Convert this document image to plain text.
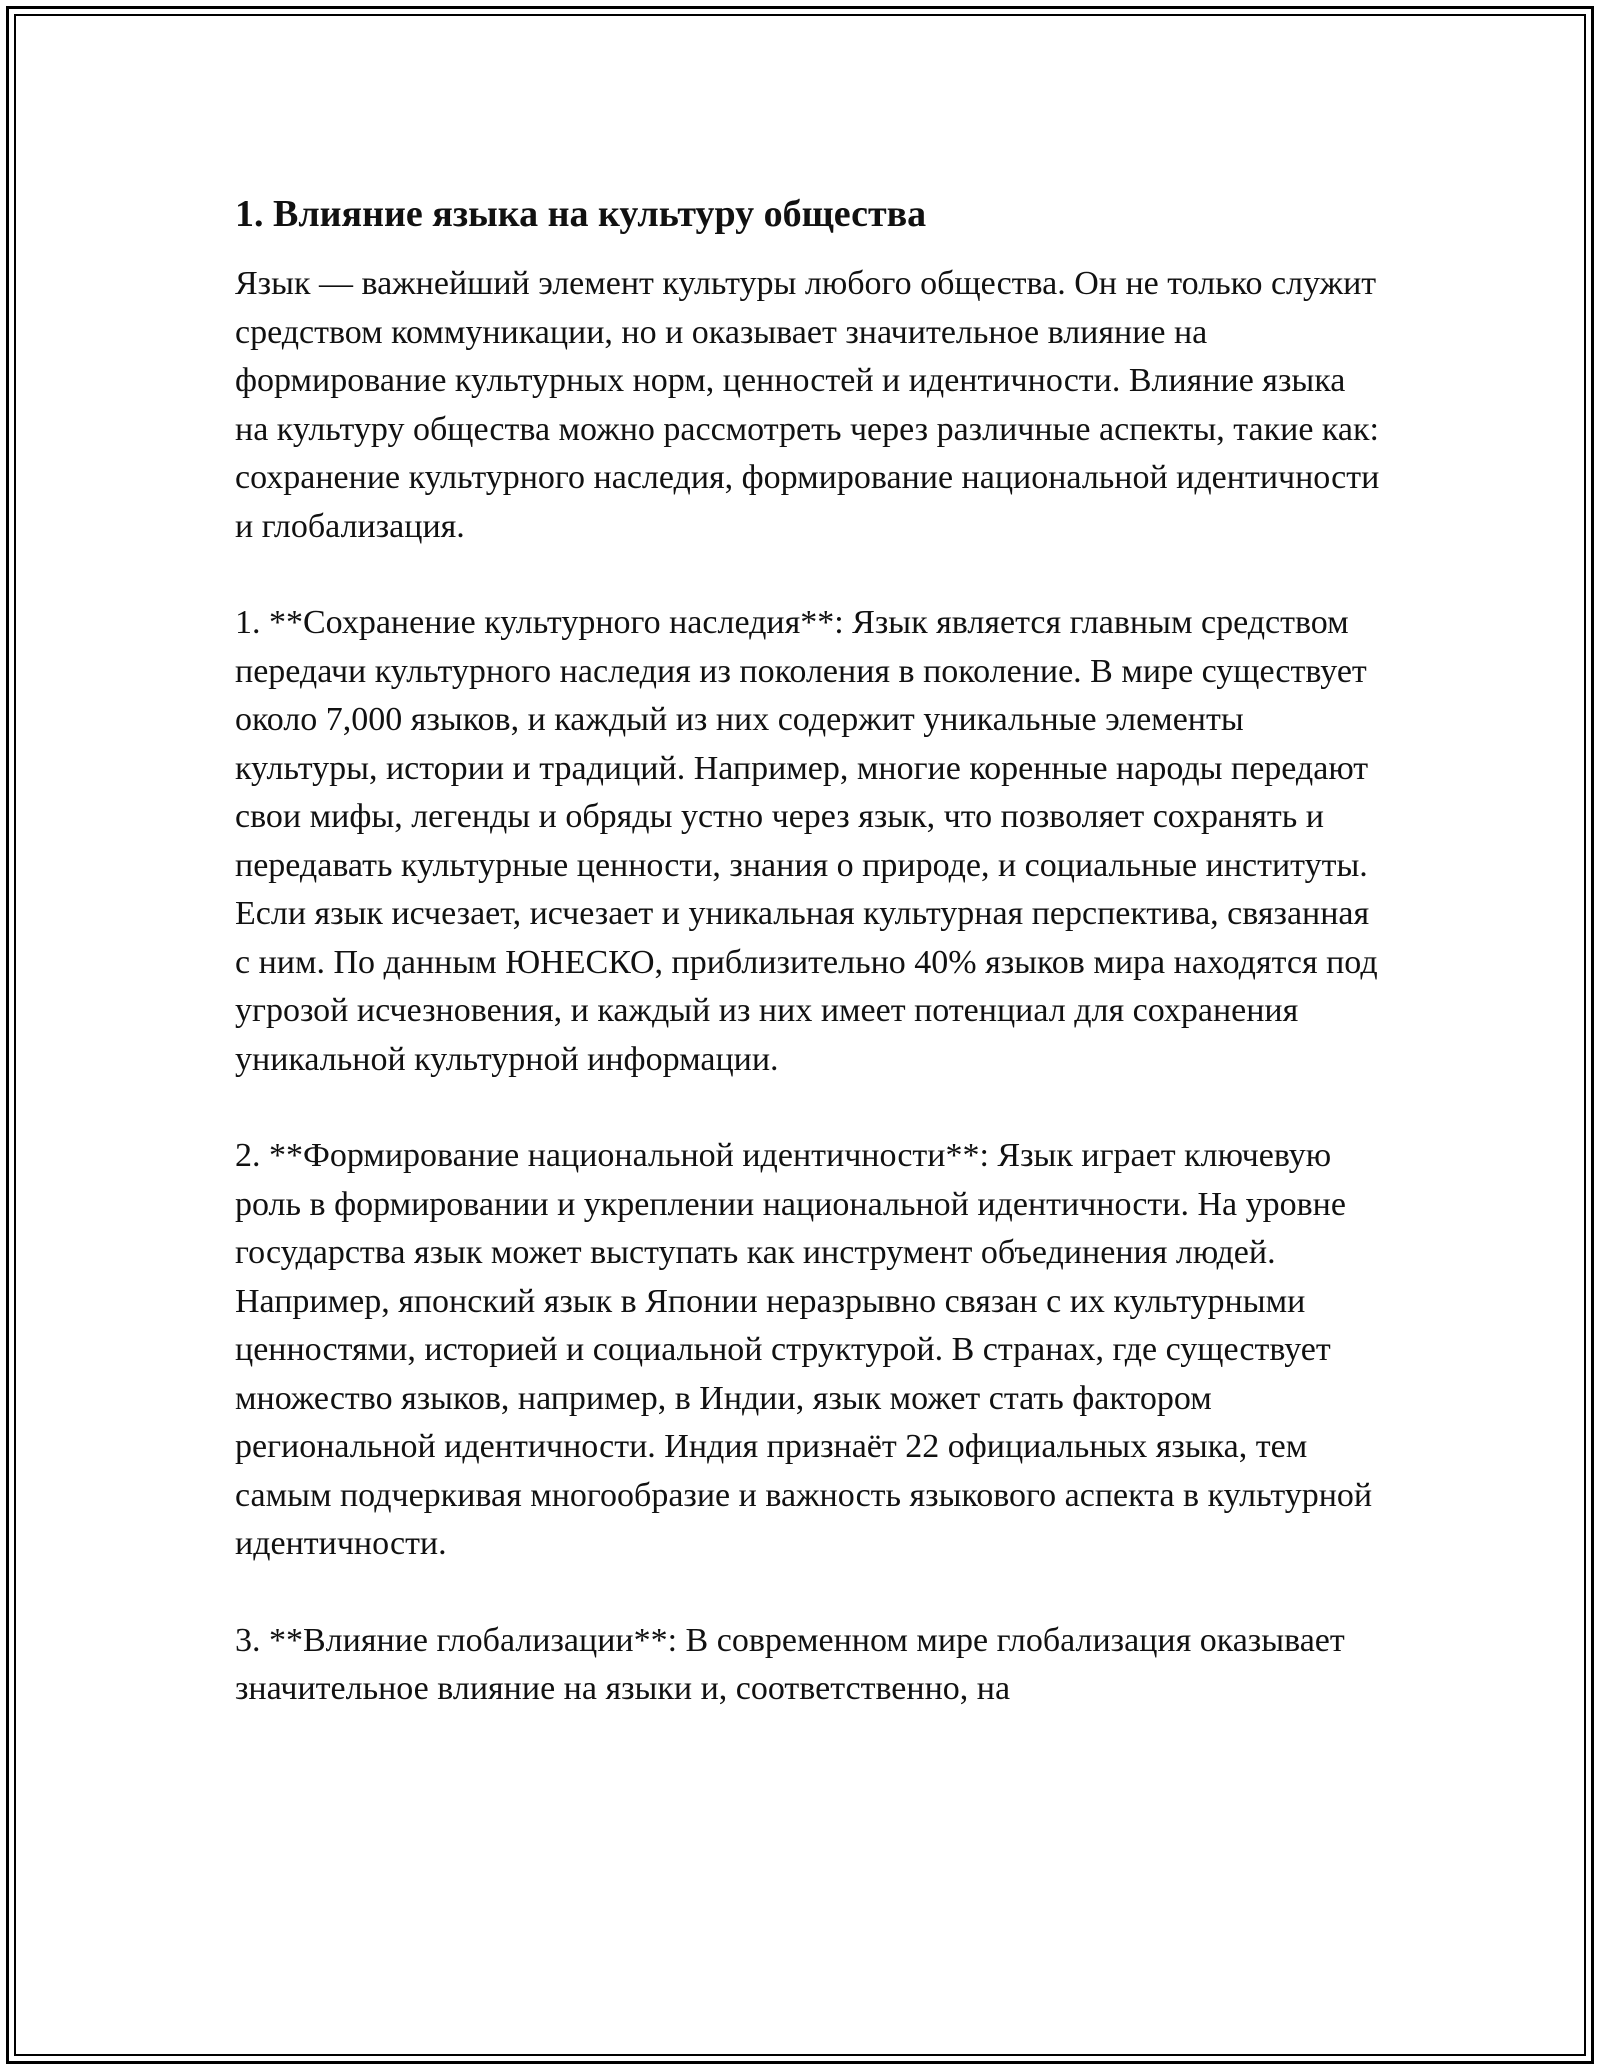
1. Влияние языка на культуру общества

Язык — важнейший элемент культуры любого общества. Он не только служит средством коммуникации, но и оказывает значительное влияние на формирование культурных норм, ценностей и идентичности. Влияние языка на культуру общества можно рассмотреть через различные аспекты, такие как: сохранение культурного наследия, формирование национальной идентичности и глобализация.

1. **Сохранение культурного наследия**: Язык является главным средством передачи культурного наследия из поколения в поколение. В мире существует около 7,000 языков, и каждый из них содержит уникальные элементы культуры, истории и традиций. Например, многие коренные народы передают свои мифы, легенды и обряды устно через язык, что позволяет сохранять и передавать культурные ценности, знания о природе, и социальные институты. Если язык исчезает, исчезает и уникальная культурная перспектива, связанная с ним. По данным ЮНЕСКО, приблизительно 40% языков мира находятся под угрозой исчезновения, и каждый из них имеет потенциал для сохранения уникальной культурной информации.

2. **Формирование национальной идентичности**: Язык играет ключевую роль в формировании и укреплении национальной идентичности. На уровне государства язык может выступать как инструмент объединения людей. Например, японский язык в Японии неразрывно связан с их культурными ценностями, историей и социальной структурой. В странах, где существует множество языков, например, в Индии, язык может стать фактором региональной идентичности. Индия признаёт 22 официальных языка, тем самым подчеркивая многообразие и важность языкового аспекта в культурной идентичности.

3. **Влияние глобализации**: В современном мире глобализация оказывает значительное влияние на языки и, соответственно, на
